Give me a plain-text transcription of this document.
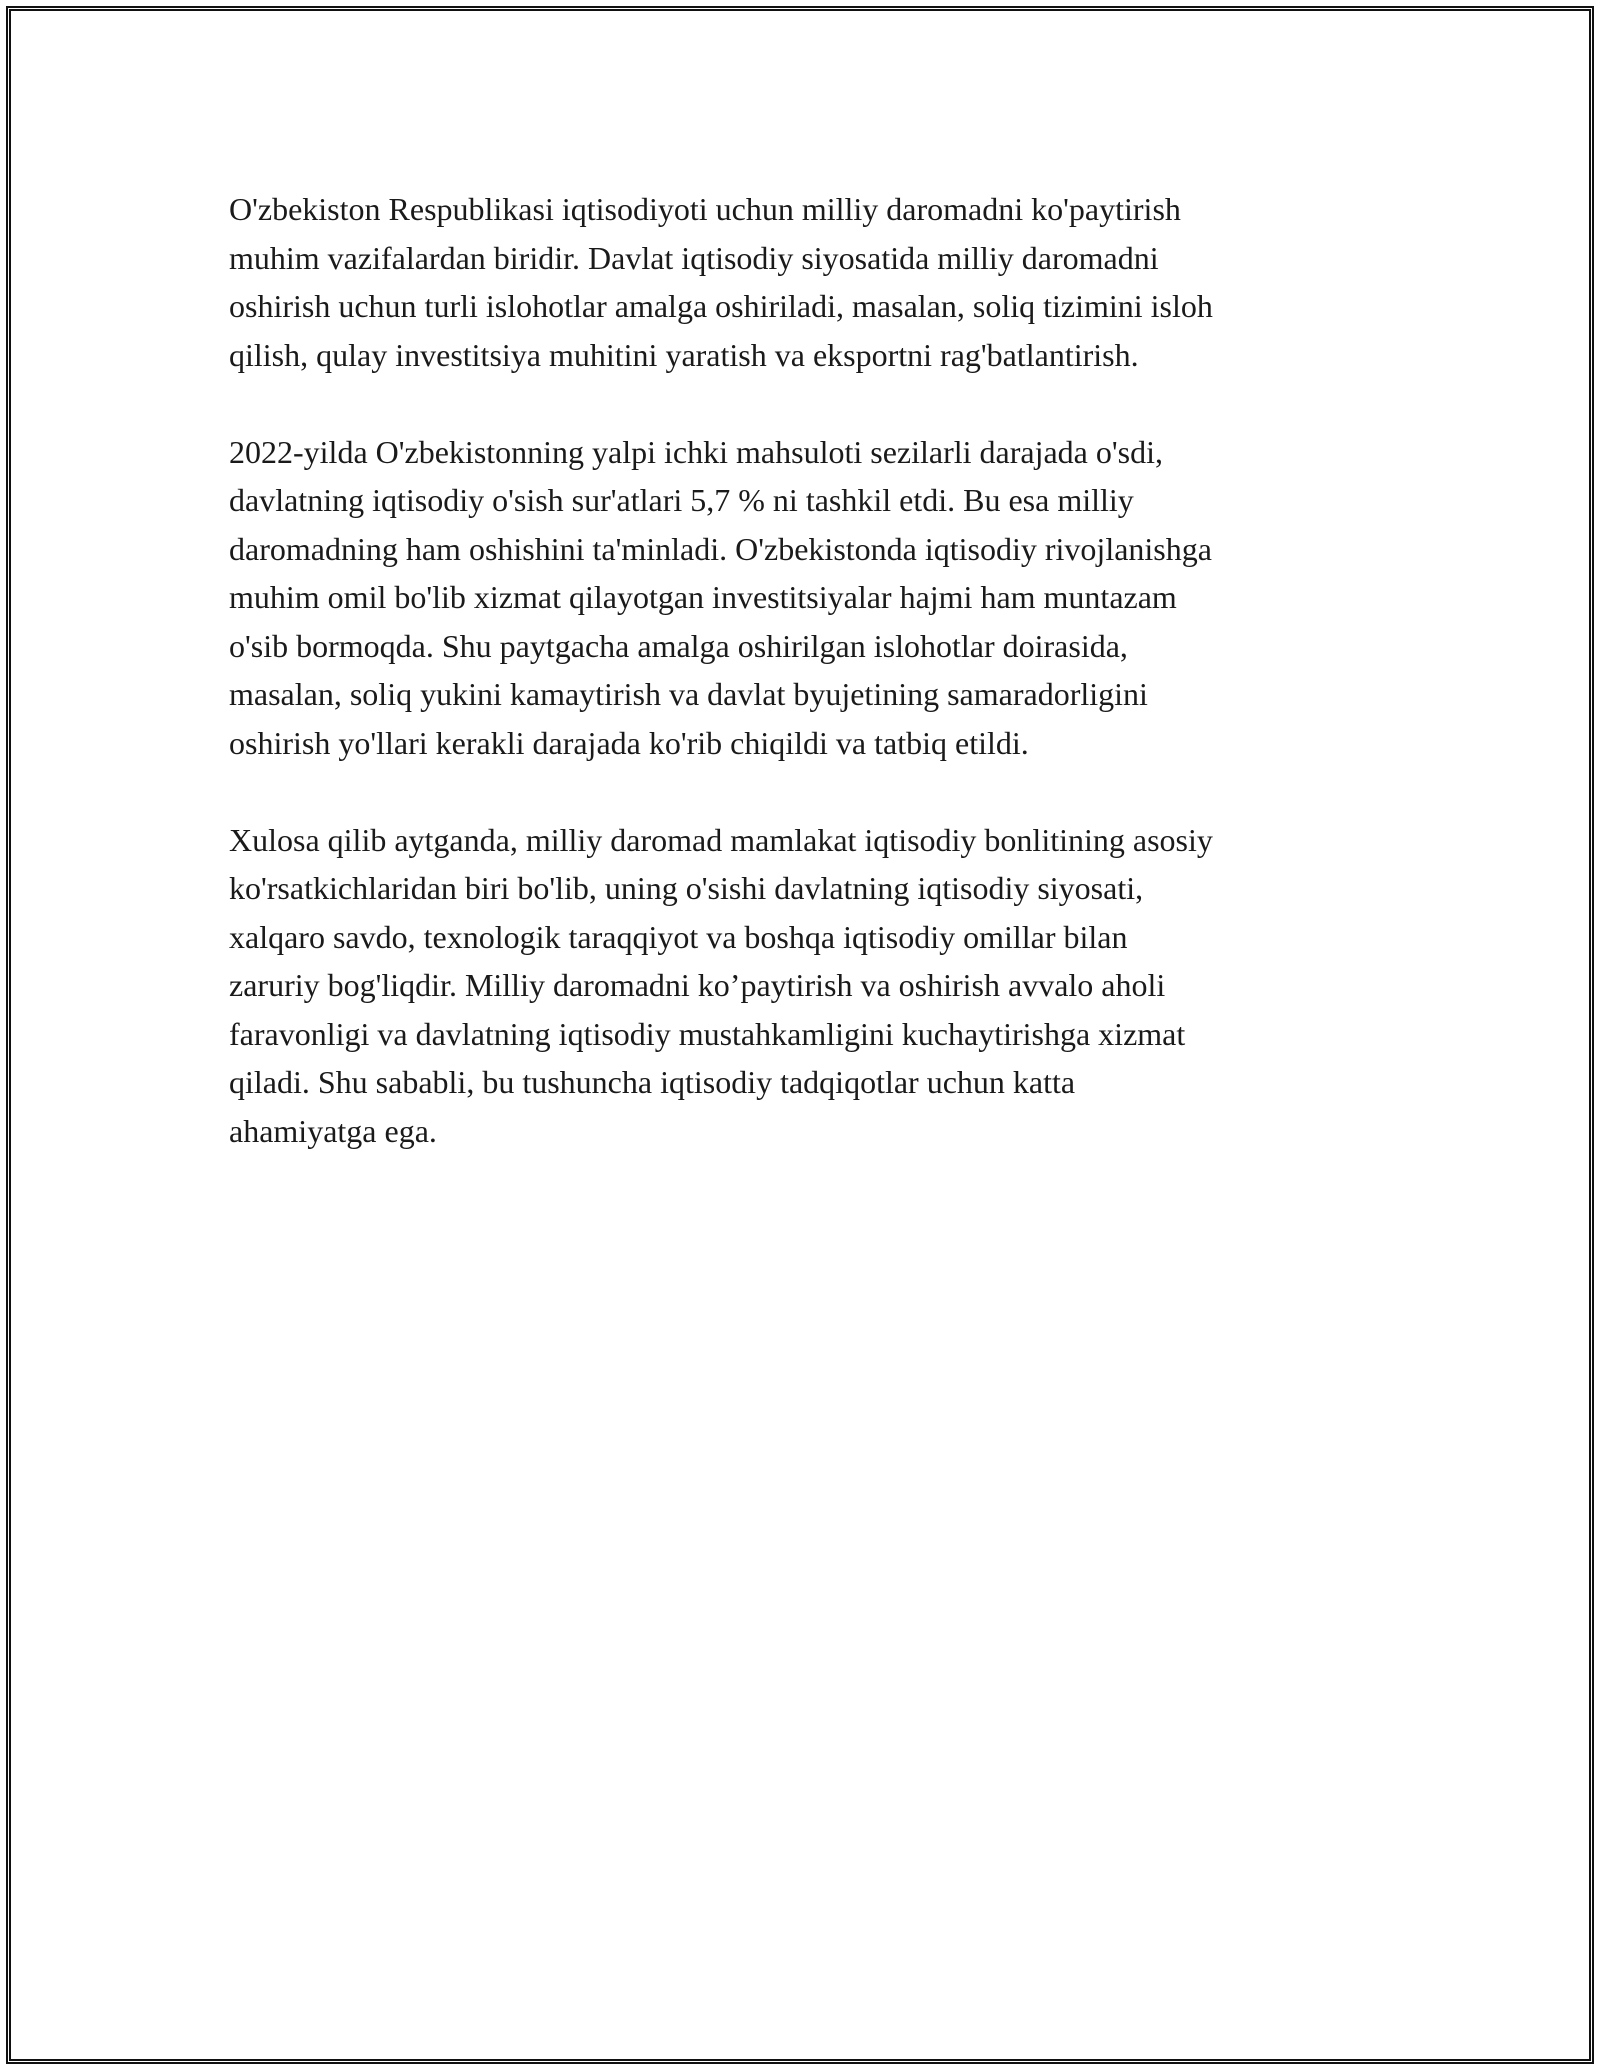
O'zbekiston Respublikasi iqtisodiyoti uchun milliy daromadni ko'paytirish
muhim vazifalardan biridir. Davlat iqtisodiy siyosatida milliy daromadni
oshirish uchun turli islohotlar amalga oshiriladi, masalan, soliq tizimini isloh
qilish, qulay investitsiya muhitini yaratish va eksportni rag'batlantirish.

2022-yilda O'zbekistonning yalpi ichki mahsuloti sezilarli darajada o'sdi,
davlatning iqtisodiy o'sish sur'atlari 5,7 % ni tashkil etdi. Bu esa milliy
daromadning ham oshishini ta'minladi. O'zbekistonda iqtisodiy rivojlanishga
muhim omil bo'lib xizmat qilayotgan investitsiyalar hajmi ham muntazam
o'sib bormoqda. Shu paytgacha amalga oshirilgan islohotlar doirasida,
masalan, soliq yukini kamaytirish va davlat byujetining samaradorligini
oshirish yo'llari kerakli darajada ko'rib chiqildi va tatbiq etildi.

Xulosa qilib aytganda, milliy daromad mamlakat iqtisodiy bonlitining asosiy
ko'rsatkichlaridan biri bo'lib, uning o'sishi davlatning iqtisodiy siyosati,
xalqaro savdo, texnologik taraqqiyot va boshqa iqtisodiy omillar bilan
zaruriy bog'liqdir. Milliy daromadni ko’paytirish va oshirish avvalo aholi
faravonligi va davlatning iqtisodiy mustahkamligini kuchaytirishga xizmat
qiladi. Shu sababli, bu tushuncha iqtisodiy tadqiqotlar uchun katta
ahamiyatga ega.
